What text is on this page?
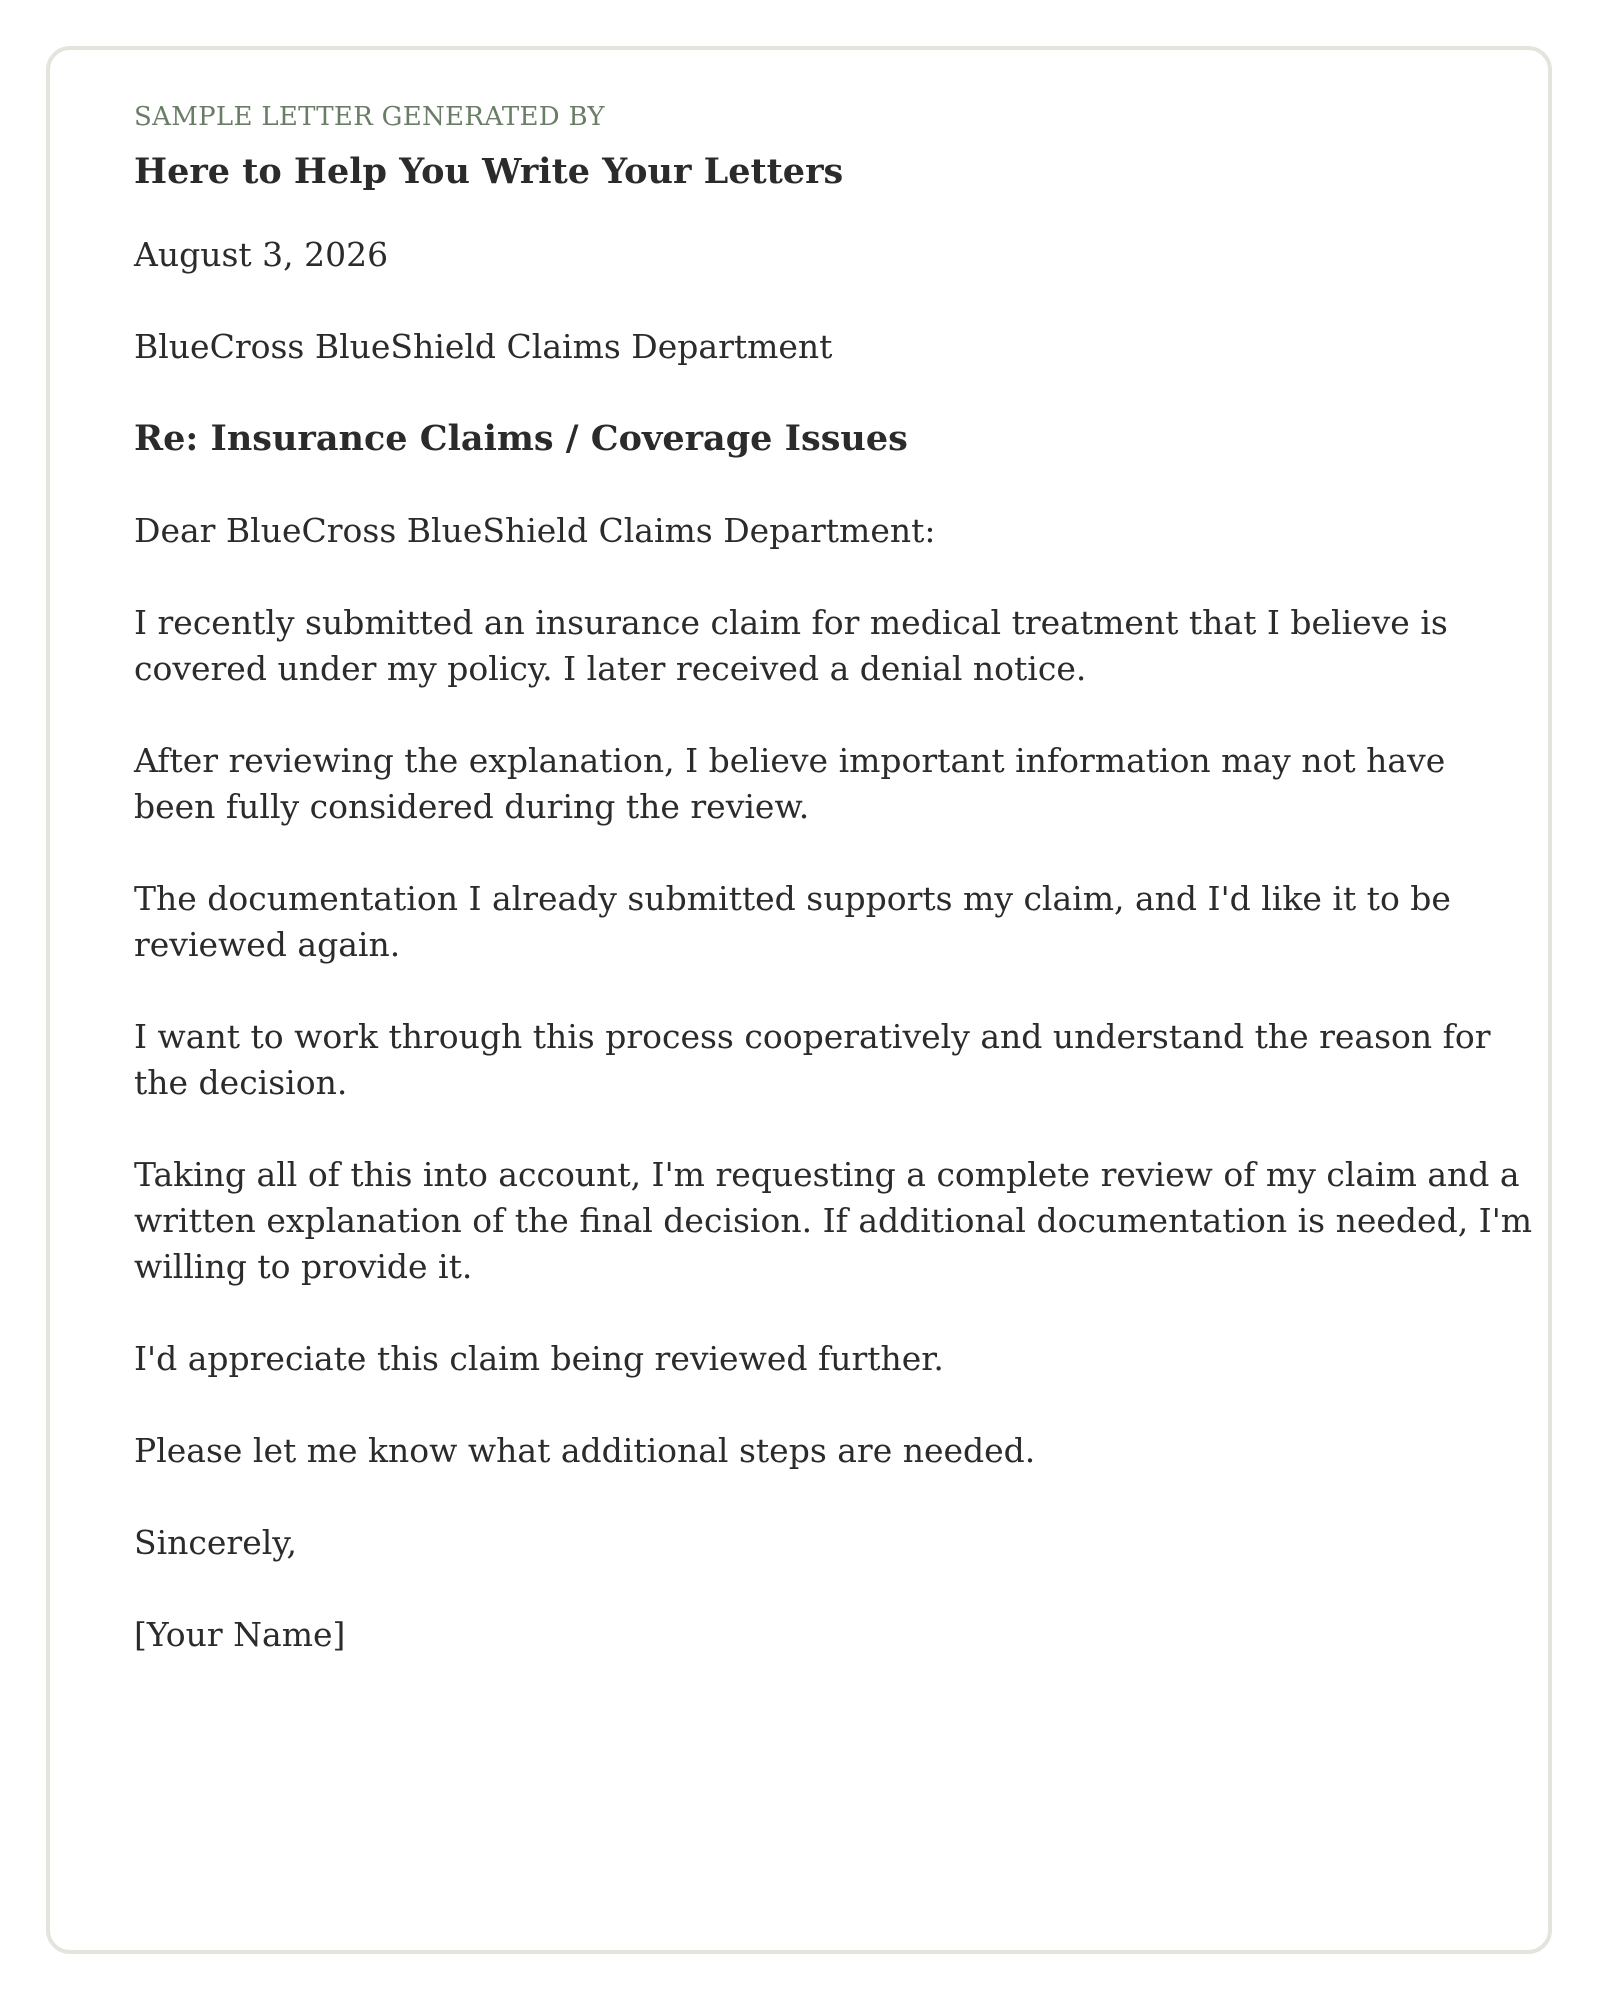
SAMPLE LETTER GENERATED BY

Here to Help You Write Your Letters

August 3, 2026

BlueCross BlueShield Claims Department

Re: Insurance Claims / Coverage Issues

Dear BlueCross BlueShield Claims Department:

I recently submitted an insurance claim for medical treatment that I believe is covered under my policy. I later received a denial notice.

After reviewing the explanation, I believe important information may not have been fully considered during the review.

The documentation I already submitted supports my claim, and I'd like it to be reviewed again.

I want to work through this process cooperatively and understand the reason for the decision.

Taking all of this into account, I'm requesting a complete review of my claim and a written explanation of the final decision. If additional documentation is needed, I'm willing to provide it.

I'd appreciate this claim being reviewed further.

Please let me know what additional steps are needed.

Sincerely,

[Your Name]
